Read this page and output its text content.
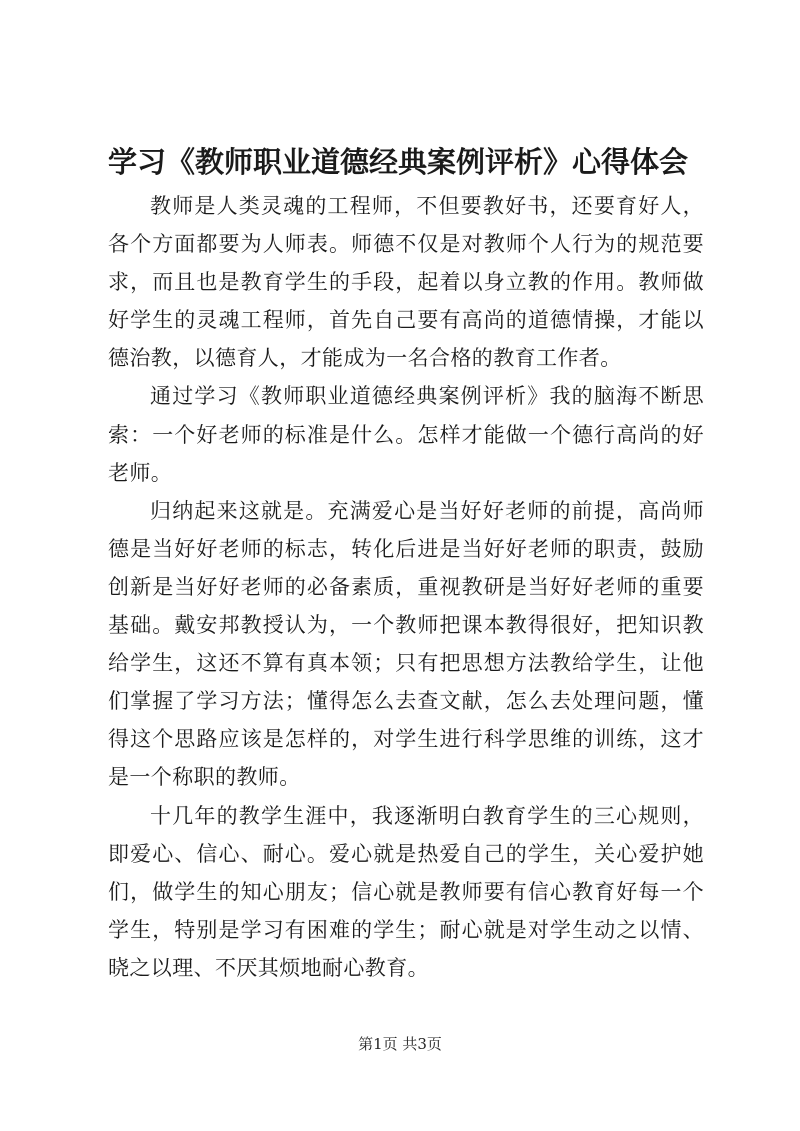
学习《教师职业道德经典案例评析》心得体会

教师是人类灵魂的工程师，不但要教好书，还要育好人，各个方面都要为人师表。师德不仅是对教师个人行为的规范要求，而且也是教育学生的手段，起着以身立教的作用。教师做好学生的灵魂工程师，首先自己要有高尚的道德情操，才能以德治教，以德育人，才能成为一名合格的教育工作者。

通过学习《教师职业道德经典案例评析》我的脑海不断思索：一个好老师的标准是什么。怎样才能做一个德行高尚的好老师。

归纳起来这就是。充满爱心是当好好老师的前提，高尚师德是当好好老师的标志，转化后进是当好好老师的职责，鼓励创新是当好好老师的必备素质，重视教研是当好好老师的重要基础。戴安邦教授认为，一个教师把课本教得很好，把知识教给学生，这还不算有真本领；只有把思想方法教给学生，让他们掌握了学习方法；懂得怎么去查文献，怎么去处理问题，懂得这个思路应该是怎样的，对学生进行科学思维的训练，这才是一个称职的教师。

十几年的教学生涯中，我逐渐明白教育学生的三心规则，即爱心、信心、耐心。爱心就是热爱自己的学生，关心爱护她们，做学生的知心朋友；信心就是教师要有信心教育好每一个学生，特别是学习有困难的学生；耐心就是对学生动之以情、晓之以理、不厌其烦地耐心教育。

第1页 共3页
